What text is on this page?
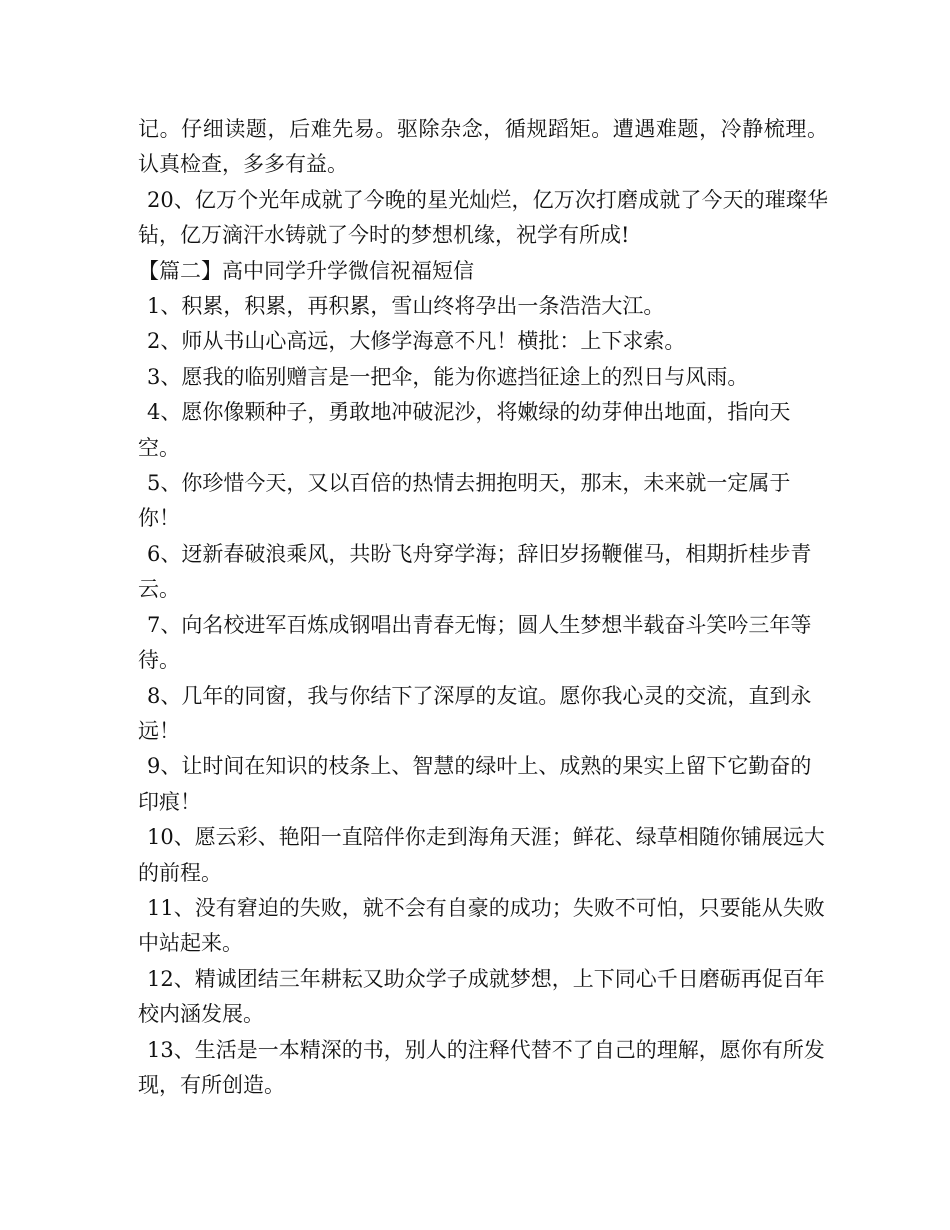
记。仔细读题，后难先易。驱除杂念，循规蹈矩。遭遇难题，冷静梳理。认真检查，多多有益。

20、亿万个光年成就了今晚的星光灿烂，亿万次打磨成就了今天的璀璨华钻，亿万滴汗水铸就了今时的梦想机缘，祝学有所成!

【篇二】高中同学升学微信祝福短信

1、积累，积累，再积累，雪山终将孕出一条浩浩大江。

2、师从书山心高远，大修学海意不凡！横批：上下求索。

3、愿我的临别赠言是一把伞，能为你遮挡征途上的烈日与风雨。

4、愿你像颗种子，勇敢地冲破泥沙，将嫩绿的幼芽伸出地面，指向天空。

5、你珍惜今天，又以百倍的热情去拥抱明天，那末，未来就一定属于你！

6、迓新春破浪乘风，共盼飞舟穿学海；辞旧岁扬鞭催马，相期折桂步青云。

7、向名校进军百炼成钢唱出青春无悔；圆人生梦想半载奋斗笑吟三年等待。

8、几年的同窗，我与你结下了深厚的友谊。愿你我心灵的交流，直到永远！

9、让时间在知识的枝条上、智慧的绿叶上、成熟的果实上留下它勤奋的印痕！

10、愿云彩、艳阳一直陪伴你走到海角天涯；鲜花、绿草相随你铺展远大的前程。

11、没有窘迫的失败，就不会有自豪的成功；失败不可怕，只要能从失败中站起来。

12、精诚团结三年耕耘又助众学子成就梦想，上下同心千日磨砺再促百年校内涵发展。

13、生活是一本精深的书，别人的注释代替不了自己的理解，愿你有所发现，有所创造。
